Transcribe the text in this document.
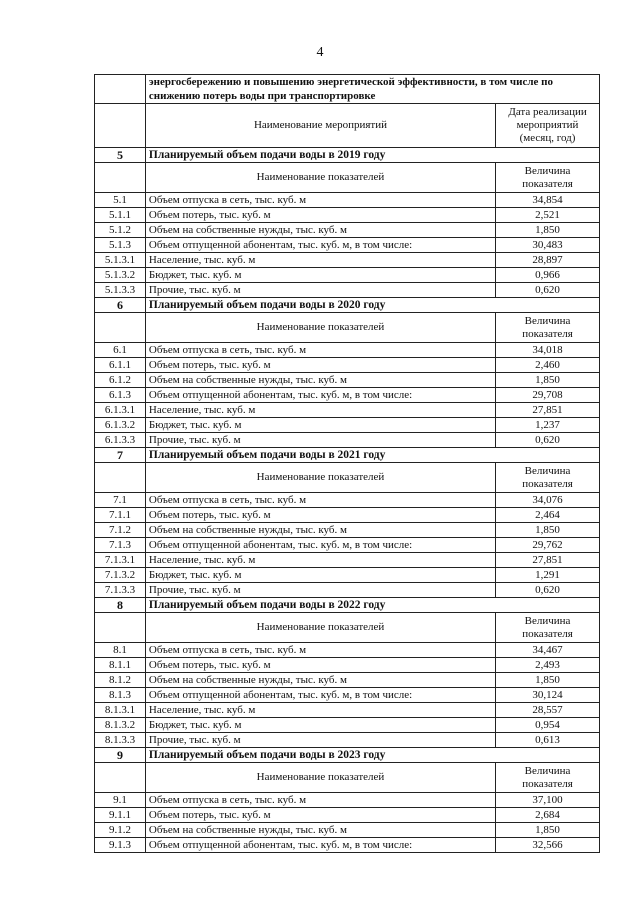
4
	энергосбережению и повышению энергетической эффективности, в том числе по снижению потерь воды при транспортировке	
	Наименование мероприятий	Дата реализации мероприятий (месяц, год)
5	Планируемый объем подачи воды в 2019 году	
	Наименование показателей	Величина показателя
5.1	Объем отпуска в сеть, тыс. куб. м	34,854
5.1.1	Объем потерь, тыс. куб. м	2,521
5.1.2	Объем на собственные нужды, тыс. куб. м	1,850
5.1.3	Объем отпущенной абонентам, тыс. куб. м, в том числе:	30,483
5.1.3.1	Население, тыс. куб. м	28,897
5.1.3.2	Бюджет, тыс. куб. м	0,966
5.1.3.3	Прочие, тыс. куб. м	0,620
6	Планируемый объем подачи воды в 2020 году	
	Наименование показателей	Величина показателя
6.1	Объем отпуска в сеть, тыс. куб. м	34,018
6.1.1	Объем потерь, тыс. куб. м	2,460
6.1.2	Объем на собственные нужды, тыс. куб. м	1,850
6.1.3	Объем отпущенной абонентам, тыс. куб. м, в том числе:	29,708
6.1.3.1	Население, тыс. куб. м	27,851
6.1.3.2	Бюджет, тыс. куб. м	1,237
6.1.3.3	Прочие, тыс. куб. м	0,620
7	Планируемый объем подачи воды в 2021 году	
	Наименование показателей	Величина показателя
7.1	Объем отпуска в сеть, тыс. куб. м	34,076
7.1.1	Объем потерь, тыс. куб. м	2,464
7.1.2	Объем на собственные нужды, тыс. куб. м	1,850
7.1.3	Объем отпущенной абонентам, тыс. куб. м, в том числе:	29,762
7.1.3.1	Население, тыс. куб. м	27,851
7.1.3.2	Бюджет, тыс. куб. м	1,291
7.1.3.3	Прочие, тыс. куб. м	0,620
8	Планируемый объем подачи воды в 2022 году	
	Наименование показателей	Величина показателя
8.1	Объем отпуска в сеть, тыс. куб. м	34,467
8.1.1	Объем потерь, тыс. куб. м	2,493
8.1.2	Объем на собственные нужды, тыс. куб. м	1,850
8.1.3	Объем отпущенной абонентам, тыс. куб. м, в том числе:	30,124
8.1.3.1	Население, тыс. куб. м	28,557
8.1.3.2	Бюджет, тыс. куб. м	0,954
8.1.3.3	Прочие, тыс. куб. м	0,613
9	Планируемый объем подачи воды в 2023 году	
	Наименование показателей	Величина показателя
9.1	Объем отпуска в сеть, тыс. куб. м	37,100
9.1.1	Объем потерь, тыс. куб. м	2,684
9.1.2	Объем на собственные нужды, тыс. куб. м	1,850
9.1.3	Объем отпущенной абонентам, тыс. куб. м, в том числе:	32,566
